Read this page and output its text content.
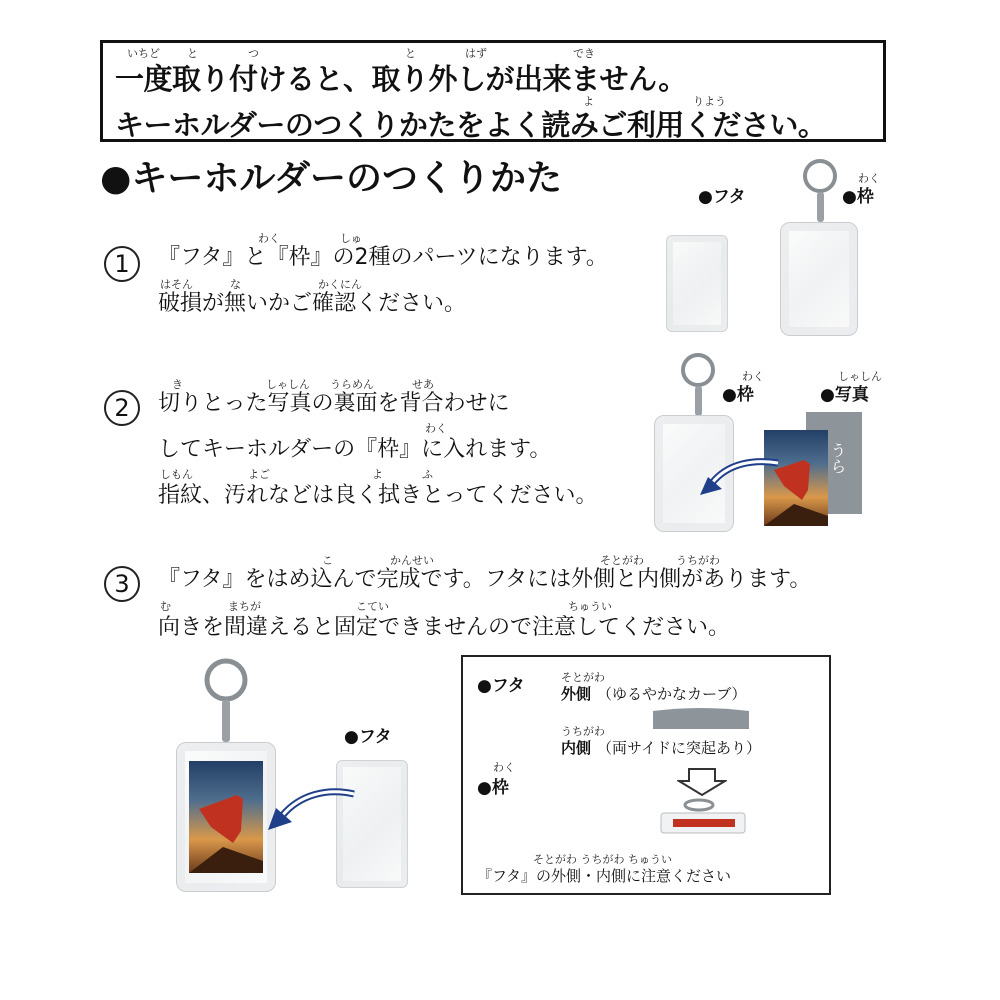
いちど と	つ	と	はず	でき
一度取り付けると、取り外しが出来ません。
よ	りよう
キーホルダーのつくりかたをよく読みご利用ください。
●キーホルダーのつくりかた
1
わく	しゅ
『フタ』と『枠』の2種のパーツになります。
はそん	な	かくにん
破損が無いかご確認ください。
●フタ
わく
●枠
2
き	しゃしん うらめん	せあ
切りとった写真の裏面を背合わせに
わく
してキーホルダーの『枠』に入れます。
しもん	よご	よ	ふ
指紋、汚れなどは良く拭きとってください。
わく
●枠
しゃしん
●写真
うら
3
こ	かんせい	そとがわ	うちがわ
『フタ』をはめ込んで完成です。フタには外側と内側があります。
む	まちが	こてい	ちゅうい
向きを間違えると固定できませんので注意してください。
●フタ
●フタ	そとがわ
外側 （ゆるやかなカーブ）
うちがわ
内側 （両サイドに突起あり）
わく
●枠
そとがわ うちがわ ちゅうい
『フタ』の外側・内側に注意ください
